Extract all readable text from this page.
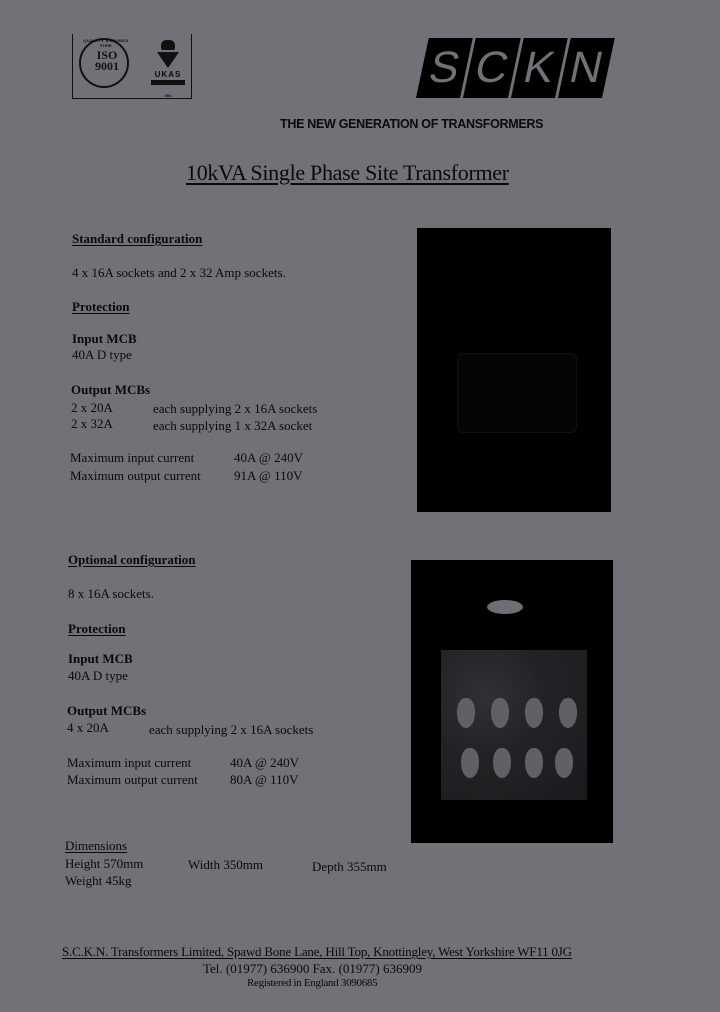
QUALITY ASSURED FIRM
ISO
9001
UKAS
004
S C K N
THE NEW GENERATION OF TRANSFORMERS
10kVA Single Phase Site Transformer
Standard configuration
4 x 16A sockets and 2 x 32 Amp sockets.
Protection
Input MCB
40A D type
Output MCBs
2 x 20A	each supplying 2 x 16A sockets
2 x 32A	each supplying 1 x 32A socket
Maximum input current	40A @ 240V
Maximum output current	91A @ 110V
Optional configuration
8 x 16A sockets.
Protection
Input MCB
40A D type
Output MCBs
4 x 20A	each supplying 2 x 16A sockets
Maximum input current	40A @ 240V
Maximum output current 80A @ 110V
Dimensions
Height 570mm	Width 350mm	Depth 355mm
Weight 45kg
S.C.K.N. Transformers Limited, Spawd Bone Lane, Hill Top, Knottingley, West Yorkshire WF11 0JG
Tel. (01977) 636900 Fax. (01977) 636909
Registered in England 3090685
